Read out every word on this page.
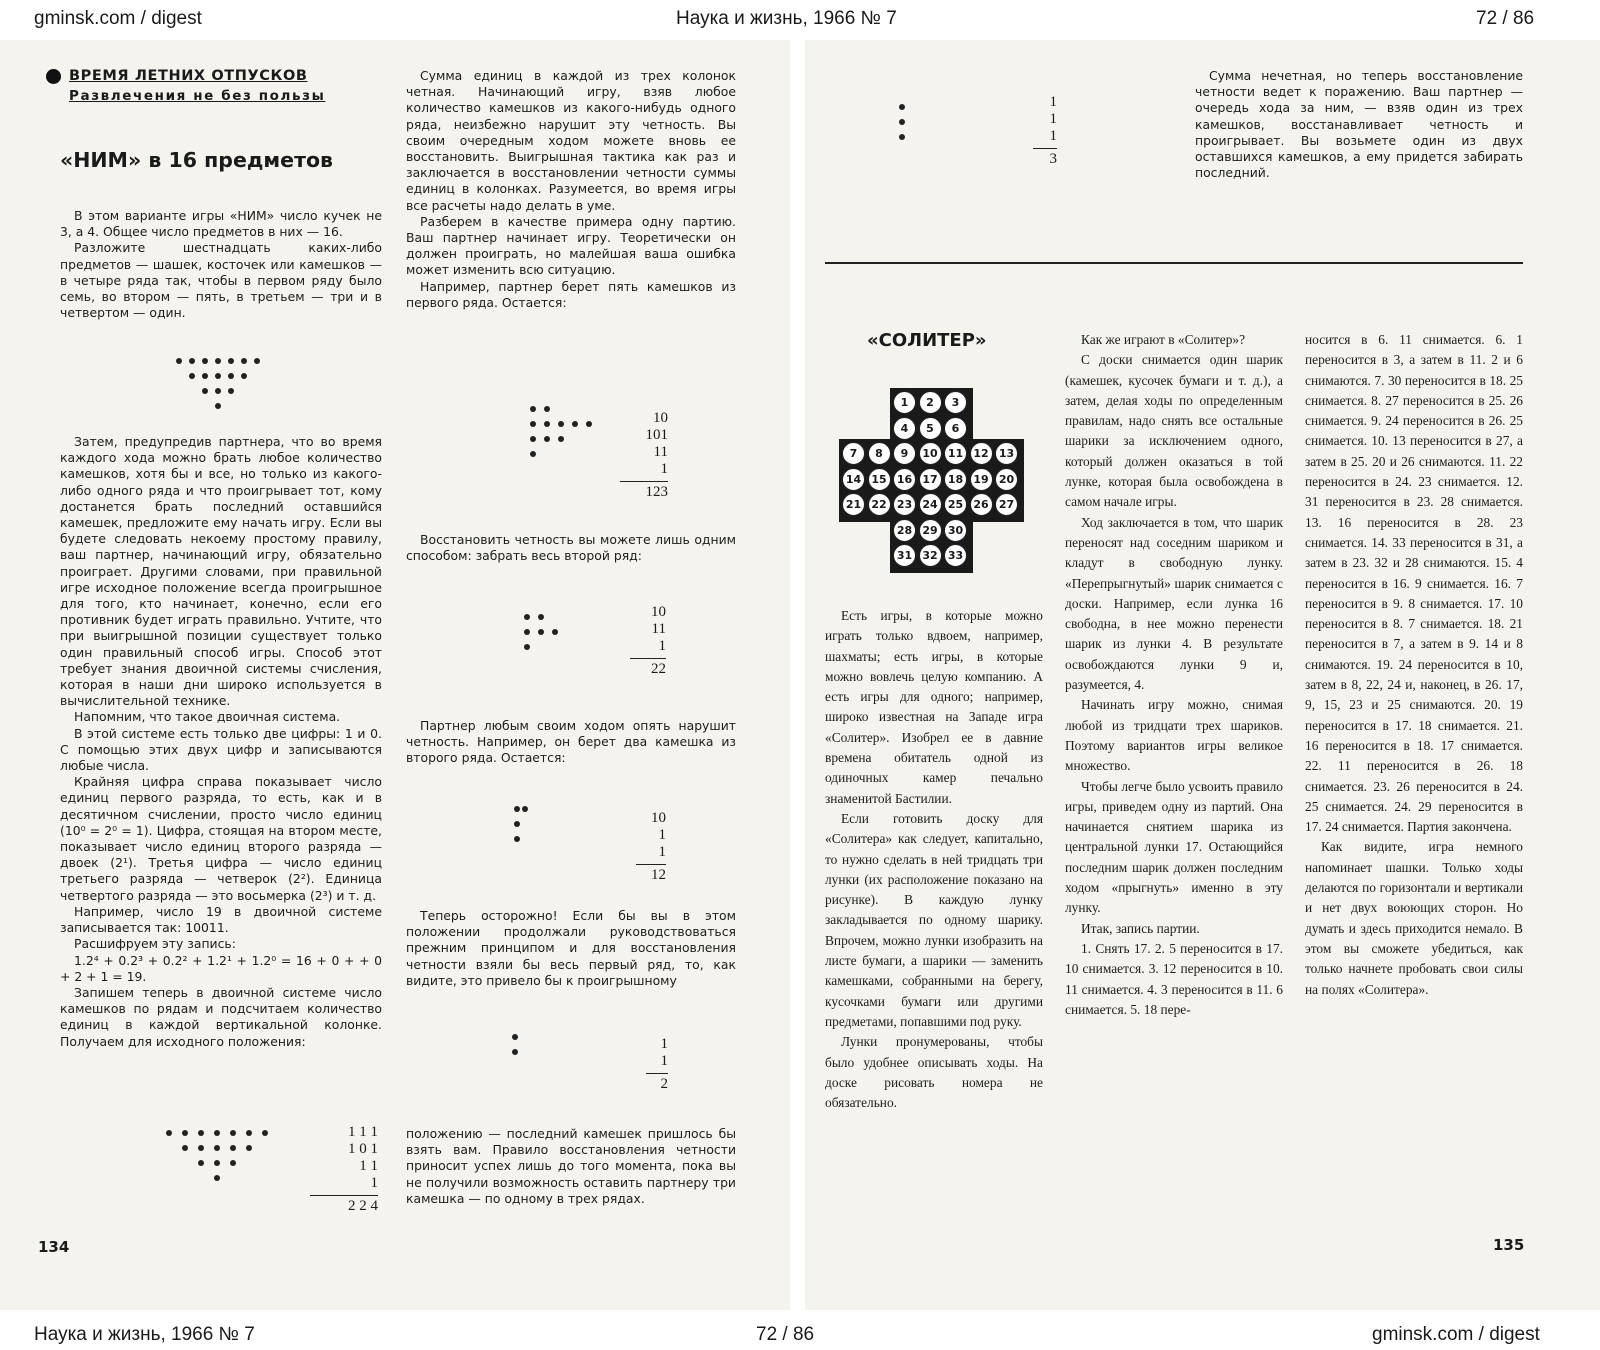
gminsk.com / digest	Наука и жизнь, 1966 № 7	72 / 86
ВРЕМЯ ЛЕТНИХ ОТПУСКОВ
Развлечения не без пользы
«НИМ» в 16 предметов

В этом варианте игры «НИМ» число кучек не 3, а 4. Общее число предметов в них — 16.

Разложите шестнадцать каких-либо предметов — шашек, косточек или камешков — в четыре ряда так, чтобы в первом ряду было семь, во втором — пять, в третьем — три и в четвертом — один.

Затем, предупредив партнера, что во время каждого хода можно брать любое количество камешков, хотя бы и все, но только из какого-либо одного ряда и что проигрывает тот, кому достанется брать последний оставшийся камешек, предложите ему начать игру. Если вы будете следовать некоему простому правилу, ваш партнер, начинающий игру, обязательно проиграет. Другими словами, при правильной игре исходное положение всегда проигрышное для того, кто начинает, конечно, если его противник будет играть правильно. Учтите, что при выигрышной позиции существует только один правильный способ игры. Способ этот требует знания двоичной системы счисления, которая в наши дни широко используется в вычислительной технике.

Напомним, что такое двоичная система.

В этой системе есть только две цифры: 1 и 0. С помощью этих двух цифр и записываются любые числа.

Крайняя цифра справа показывает число единиц первого разряда, то есть, как и в десятичном счислении, просто число единиц (10⁰ = 2⁰ = 1). Цифра, стоящая на втором месте, показывает число единиц второго разряда — двоек (2¹). Третья цифра — число единиц третьего разряда — четверок (2²). Единица четвертого разряда — это восьмерка (2³) и т. д.

Например, число 19 в двоичной системе записывается так: 10011.

Расшифруем эту запись:

1.2⁴ + 0.2³ + 0.2² + 1.2¹ + 1.2⁰ = 16 + 0 + + 0 + 2 + 1 = 19.

Запишем теперь в двоичной системе число камешков по рядам и подсчитаем количество единиц в каждой вертикальной колонке. Получаем для исходного положения:

1 1 1
1 0 1
1 1
1
2 2 4

Сумма единиц в каждой из трех колонок четная. Начинающий игру, взяв любое количество камешков из какого-нибудь одного ряда, неизбежно нарушит эту четность. Вы своим очередным ходом можете вновь ее восстановить. Выигрышная тактика как раз и заключается в восстановлении четности суммы единиц в колонках. Разумеется, во время игры все расчеты надо делать в уме.

Разберем в качестве примера одну партию. Ваш партнер начинает игру. Теоретически он должен проиграть, но малейшая ваша ошибка может изменить всю ситуацию.

Например, партнер берет пять камешков из первого ряда. Остается:

10
101
11
1
123

Восстановить четность вы можете лишь одним способом: забрать весь второй ряд:

10
11
1
22

Партнер любым своим ходом опять нарушит четность. Например, он берет два камешка из второго ряда. Остается:

10
1
1
12

Теперь осторожно! Если бы вы в этом положении продолжали руководствоваться прежним принципом и для восстановления четности взяли бы весь первый ряд, то, как видите, это привело бы к проигрышному

1
1
2

положению — последний камешек пришлось бы взять вам. Правило восстановления четности приносит успех лишь до того момента, пока вы не получили возможность оставить партнеру три камешка — по одному в трех рядах.

134
1
1
1
3

Сумма нечетная, но теперь восстановление четности ведет к поражению. Ваш партнер — очередь хода за ним, — взяв один из трех камешков, восстанавливает четность и проигрывает. Вы возьмете один из двух оставшихся камешков, а ему придется забирать последний.

«СОЛИТЕР»
1	2	3
4	5	6
7	8	9	10 11 12 13
14 15 16 17 18 19 20
21 22 23 24 25 26 27
28 29 30
31 32 33

Есть игры, в которые можно играть только вдвоем, например, шахматы; есть игры, в которые можно вовлечь целую компанию. А есть игры для одного; например, широко известная на Западе игра «Солитер». Изобрел ее в давние времена обитатель одной из одиночных камер печально знаменитой Бастилии.

Если готовить доску для «Солитера» как следует, капитально, то нужно сделать в ней тридцать три лунки (их расположение показано на рисунке). В каждую лунку закладывается по одному шарику. Впрочем, можно лунки изобразить на листе бумаги, а шарики — заменить камешками, собранными на берегу, кусочками бумаги или другими предметами, попавшими под руку.

Лунки пронумерованы, чтобы было удобнее описывать ходы. На доске рисовать номера не обязательно.

Как же играют в «Солитер»?

С доски снимается один шарик (камешек, кусочек бумаги и т. д.), а затем, делая ходы по определенным правилам, надо снять все остальные шарики за исключением одного, который должен оказаться в той лунке, которая была освобождена в самом начале игры.

Ход заключается в том, что шарик переносят над соседним шариком и кладут в свободную лунку. «Перепрыгнутый» шарик снимается с доски. Например, если лунка 16 свободна, в нее можно перенести шарик из лунки 4. В результате освобождаются лунки 9 и, разумеется, 4.

Начинать игру можно, снимая любой из тридцати трех шариков. Поэтому вариантов игры великое множество.

Чтобы легче было усвоить правило игры, приведем одну из партий. Она начинается снятием шарика из центральной лунки 17. Остающийся последним шарик должен последним ходом «прыгнуть» именно в эту лунку.

Итак, запись партии.

1. Снять 17. 2. 5 переносится в 17. 10 снимается. 3. 12 переносится в 10. 11 снимается. 4. 3 переносится в 11. 6 снимается. 5. 18 пере-

носится в 6. 11 снимается. 6. 1 переносится в 3, а затем в 11. 2 и 6 снимаются. 7. 30 переносится в 18. 25 снимается. 8. 27 переносится в 25. 26 снимается. 9. 24 переносится в 26. 25 снимается. 10. 13 переносится в 27, а затем в 25. 20 и 26 снимаются. 11. 22 переносится в 24. 23 снимается. 12. 31 переносится в 23. 28 снимается. 13. 16 переносится в 28. 23 снимается. 14. 33 переносится в 31, а затем в 23. 32 и 28 снимаются. 15. 4 переносится в 16. 9 снимается. 16. 7 переносится в 9. 8 снимается. 17. 10 переносится в 8. 7 снимается. 18. 21 переносится в 7, а затем в 9. 14 и 8 снимаются. 19. 24 переносится в 10, затем в 8, 22, 24 и, наконец, в 26. 17, 9, 15, 23 и 25 снимаются. 20. 19 переносится в 17. 18 снимается. 21. 16 переносится в 18. 17 снимается. 22. 11 переносится в 26. 18 снимается. 23. 26 переносится в 24. 25 снимается. 24. 29 переносится в 17. 24 снимается. Партия закончена.

Как видите, игра немного напоминает шашки. Только ходы делаются по горизонтали и вертикали и нет двух воюющих сторон. Но думать и здесь приходится немало. В этом вы сможете убедиться, как только начнете пробовать свои силы на полях «Солитера».

135
Наука и жизнь, 1966 № 7	72 / 86	gminsk.com / digest
